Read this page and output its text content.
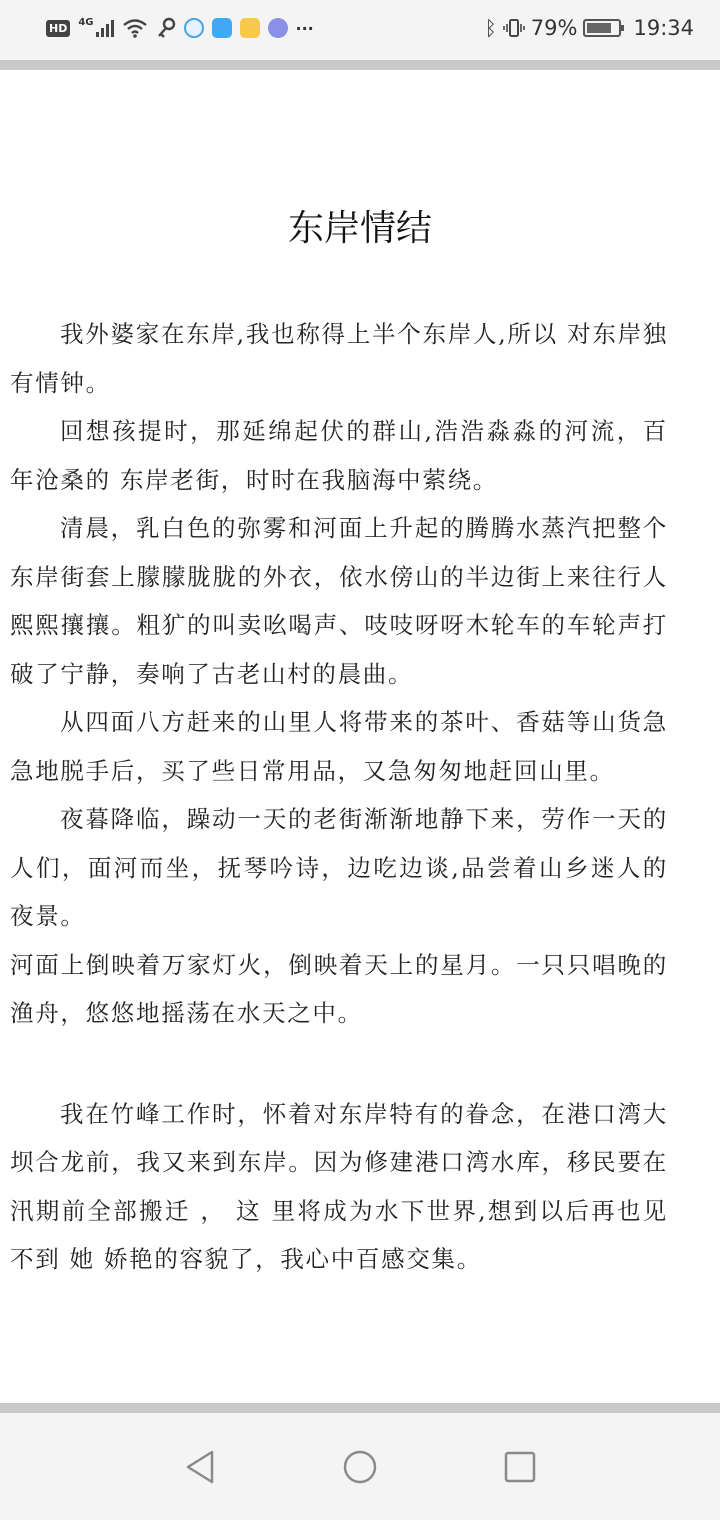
HD	4G	···	ᛒ 79%	19:34
东岸情结

我外婆家在东岸,我也称得上半个东岸人,所以 对东岸独有情钟。

回想孩提时，那延绵起伏的群山,浩浩淼淼的河流，百年沧桑的 东岸老街，时时在我脑海中萦绕。

清晨，乳白色的弥雾和河面上升起的腾腾水蒸汽把整个东岸街套上朦朦胧胧的外衣，依水傍山的半边街上来往行人熙熙攘攘。粗犷的叫卖吆喝声、吱吱呀呀木轮车的车轮声打破了宁静，奏响了古老山村的晨曲。

从四面八方赶来的山里人将带来的茶叶、香菇等山货急急地脱手后，买了些日常用品，又急匆匆地赶回山里。

夜暮降临，躁动一天的老街渐渐地静下来，劳作一天的人们，面河而坐，抚琴吟诗，边吃边谈,品尝着山乡迷人的夜景。

河面上倒映着万家灯火，倒映着天上的星月。一只只唱晚的渔舟，悠悠地摇荡在水天之中。

我在竹峰工作时，怀着对东岸特有的眷念，在港口湾大坝合龙前，我又来到东岸。因为修建港口湾水库，移民要在汛期前全部搬迁 ， 这 里将成为水下世界,想到以后再也见不到 她 娇艳的容貌了，我心中百感交集。
